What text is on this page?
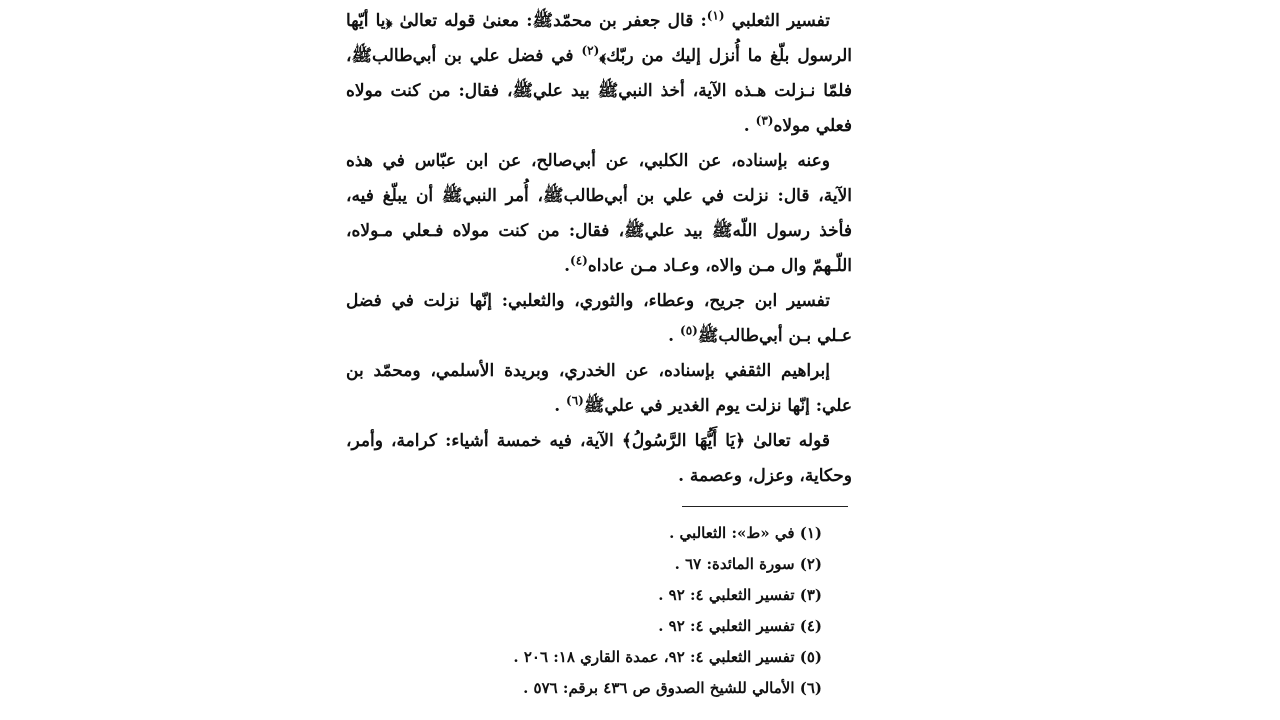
تفسير الثعلبي $^{(١)}$: قال جعفر بن محمّدﷺ: معنىٰ قوله تعالىٰ ﴿يا أيّها الرسول بلّغ ما أُنزل إليك من ربّك﴾$^{(٢)}$ في فضل علي بن أبي‌طالبﷺ، فلمّا نـزلت هـذه الآية، أخذ النبيﷺ بيد عليﷺ، فقال: من كنت مولاه فعلي مولاه$^{(٣)}$ .

وعنه بإسناده، عن الكلبي، عن أبي‌صالح، عن ابن عبّاس في هذه الآية، قال: نزلت في علي بن أبي‌طالبﷺ، أُمر النبيﷺ أن يبلّغ فيه، فأخذ رسول اللّهﷺ بيد عليﷺ، فقال: من كنت مولاه فـعلي مـولاه، اللّـهمّ وال مـن والاه، وعـاد مـن عاداه$^{(٤)}$.

تفسير ابن جريح، وعطاء، والثوري، والثعلبي: إنّها نزلت في فضل عـلي بـن أبي‌طالبﷺ$^{(٥)}$ .

إبراهيم الثقفي بإسناده، عن الخدري، وبريدة الأسلمي، ومحمّد بن علي: إنّها نزلت يوم الغدير في عليﷺ$^{(٦)}$ .

قوله تعالىٰ ﴿يَا أَيُّهَا الرَّسُولُ﴾ الآية، فيه خمسة أشياء: كرامة، وأمر، وحكاية، وعزل، وعصمة .

(١) في «ط»: الثعالبي .
(٢) سورة المائدة: ٦٧ .
(٣) تفسير الثعلبي ٤: ٩٢ .
(٤) تفسير الثعلبي ٤: ٩٢ .
(٥) تفسير الثعلبي ٤: ٩٢، عمدة القاري ١٨: ٢٠٦ .
(٦) الأمالي للشيخ الصدوق ص ٤٣٦ برقم: ٥٧٦ .
